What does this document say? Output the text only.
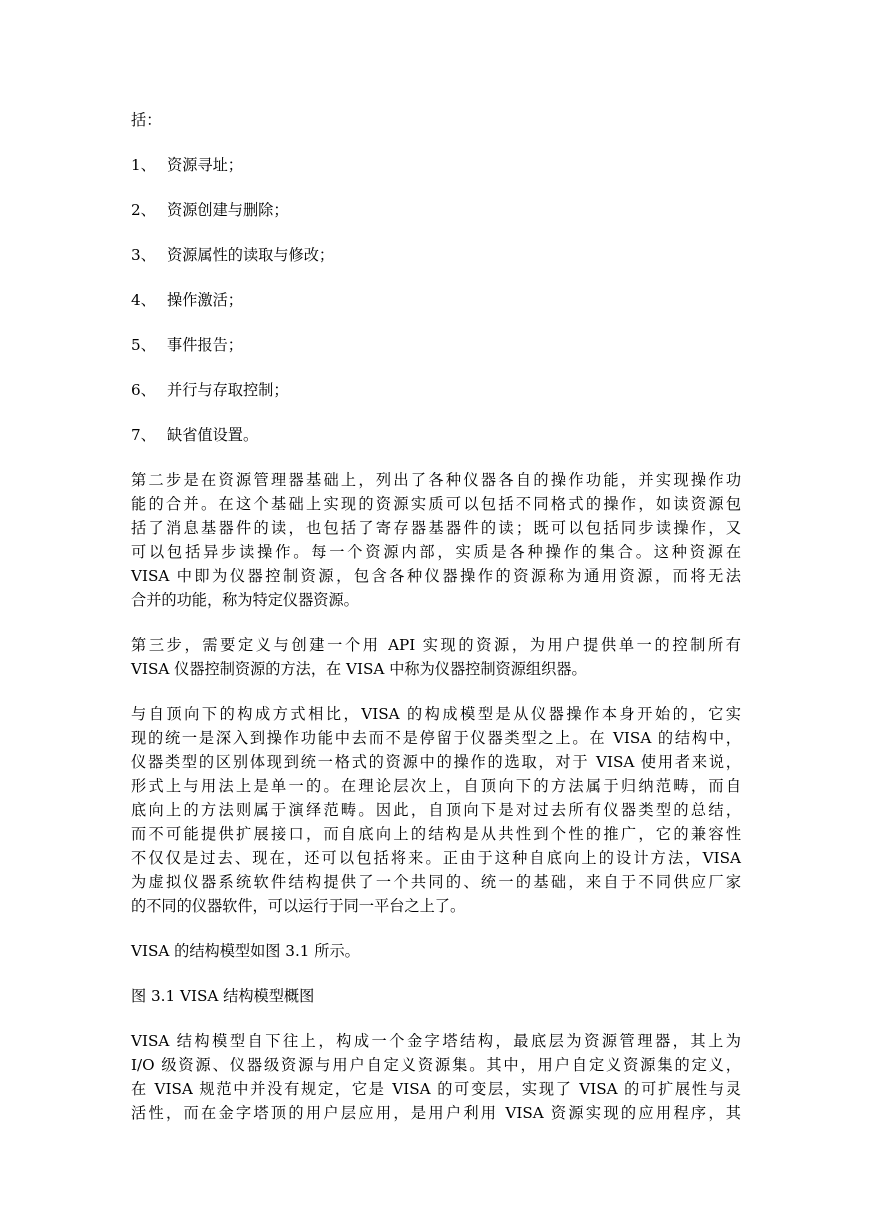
括：
1、 资源寻址；
2、 资源创建与删除；
3、 资源属性的读取与修改；
4、 操作激活；
5、 事件报告；
6、 并行与存取控制；
7、 缺省值设置。
第二步是在资源管理器基础上，列出了各种仪器各自的操作功能，并实现操作功
能的合并。在这个基础上实现的资源实质可以包括不同格式的操作，如读资源包
括了消息基器件的读，也包括了寄存器基器件的读；既可以包括同步读操作，又
可以包括异步读操作。每一个资源内部，实质是各种操作的集合。这种资源在
VISA 中即为仪器控制资源，包含各种仪器操作的资源称为通用资源，而将无法
合并的功能，称为特定仪器资源。
第三步，需要定义与创建一个用 API 实现的资源，为用户提供单一的控制所有
VISA 仪器控制资源的方法，在 VISA 中称为仪器控制资源组织器。
与自顶向下的构成方式相比，VISA 的构成模型是从仪器操作本身开始的，它实
现的统一是深入到操作功能中去而不是停留于仪器类型之上。在 VISA 的结构中，
仪器类型的区别体现到统一格式的资源中的操作的选取，对于 VISA 使用者来说，
形式上与用法上是单一的。在理论层次上，自顶向下的方法属于归纳范畴，而自
底向上的方法则属于演绎范畴。因此，自顶向下是对过去所有仪器类型的总结，
而不可能提供扩展接口，而自底向上的结构是从共性到个性的推广，它的兼容性
不仅仅是过去、现在，还可以包括将来。正由于这种自底向上的设计方法，VISA
为虚拟仪器系统软件结构提供了一个共同的、统一的基础，来自于不同供应厂家
的不同的仪器软件，可以运行于同一平台之上了。
VISA 的结构模型如图 3.1 所示。
图 3.1 VISA 结构模型概图
VISA 结构模型自下往上，构成一个金字塔结构，最底层为资源管理器，其上为
I/O 级资源、仪器级资源与用户自定义资源集。其中，用户自定义资源集的定义，
在 VISA 规范中并没有规定，它是 VISA 的可变层，实现了 VISA 的可扩展性与灵
活性，而在金字塔顶的用户层应用，是用户利用 VISA 资源实现的应用程序，其
